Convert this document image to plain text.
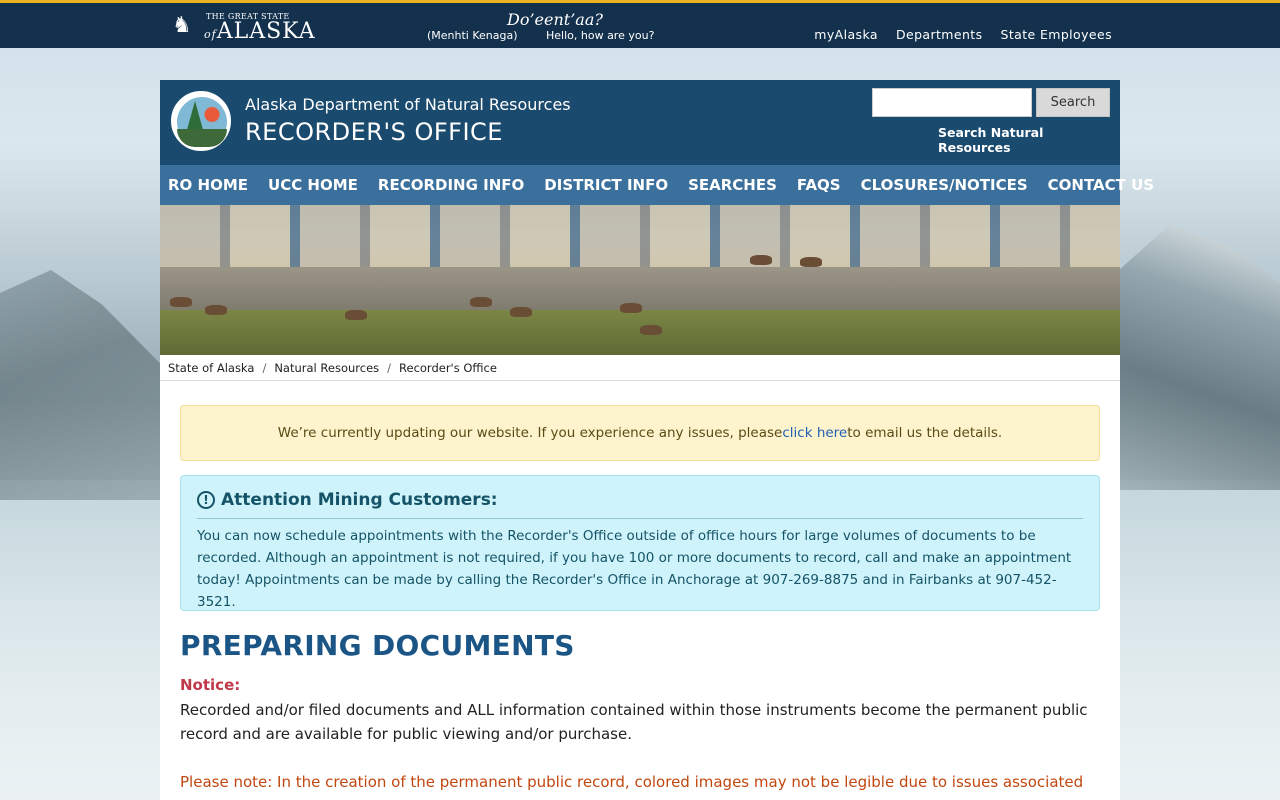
♞ THE GREAT STATE
ofALASKA	Do’eent’aa?
(Menhti Kenaga)	Hello, how are you?	myAlaska Departments State Employees
Alaska Department of Natural Resources
RECORDER'S OFFICE
Search
Search Natural Resources
RO HOME UCC HOME RECORDING INFO DISTRICT INFO SEARCHES FAQS CLOSURES/NOTICES CONTACT US
State of Alaska / Natural Resources / Recorder's Office
We’re currently updating our website. If you experience any issues, please click here to email us the details.
! Attention Mining Customers:
You can now schedule appointments with the Recorder's Office outside of office hours for large volumes of documents to be recorded. Although an appointment is not required, if you have 100 or more documents to record, call and make an appointment today! Appointments can be made by calling the Recorder's Office in Anchorage at 907-269-8875 and in Fairbanks at 907-452-3521.
PREPARING DOCUMENTS
Notice:
Recorded and/or filed documents and ALL information contained within those instruments become the permanent public record and are available for public viewing and/or purchase.
Please note: In the creation of the permanent public record, colored images may not be legible due to issues associated
